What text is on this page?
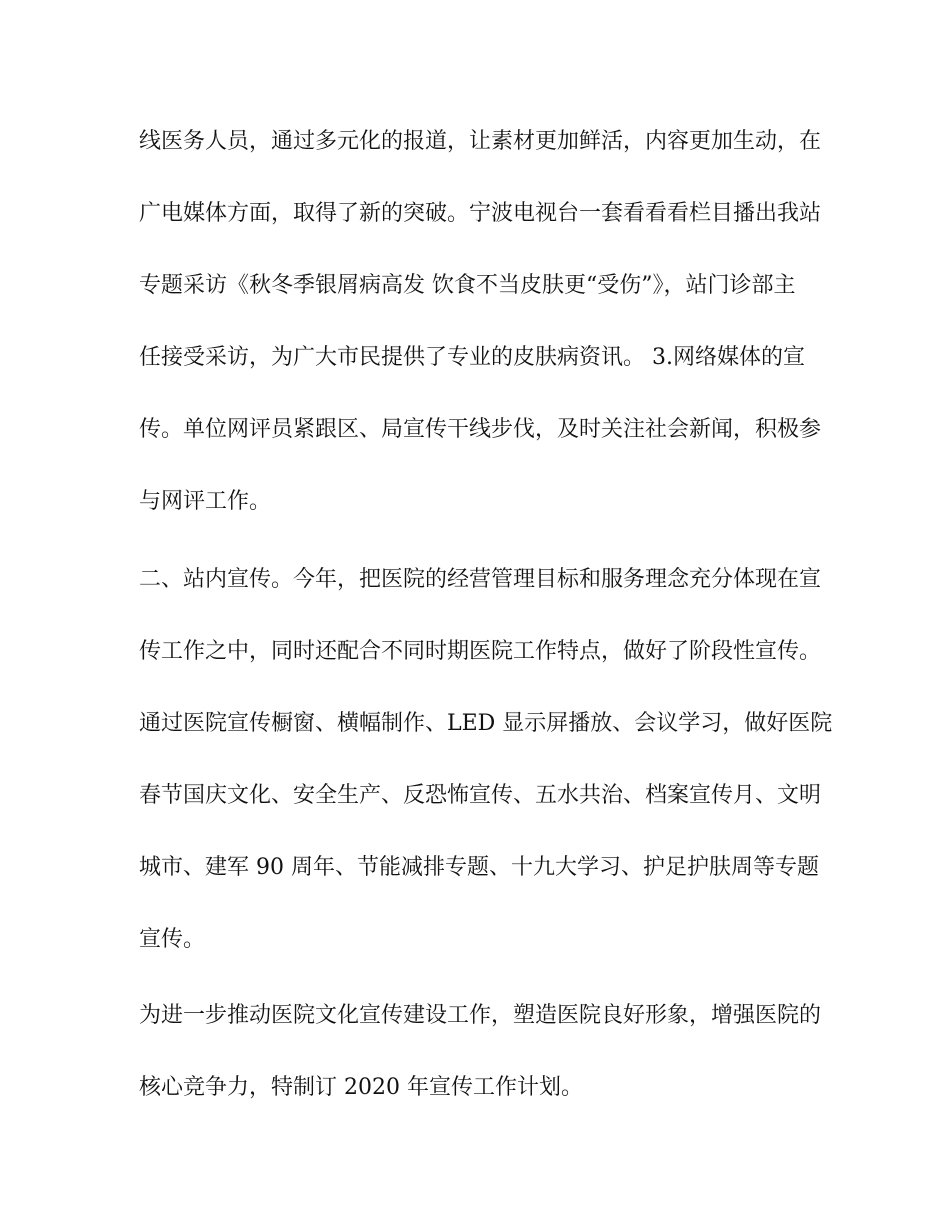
线医务人员，通过多元化的报道，让素材更加鲜活，内容更加生动，在
广电媒体方面，取得了新的突破。宁波电视台一套看看看栏目播出我站
专题采访《秋冬季银屑病高发 饮食不当皮肤更“受伤”》，站门诊部主
任接受采访，为广大市民提供了专业的皮肤病资讯。 3.网络媒体的宣
传。单位网评员紧跟区、局宣传干线步伐，及时关注社会新闻，积极参
与网评工作。
二、站内宣传。今年，把医院的经营管理目标和服务理念充分体现在宣
传工作之中，同时还配合不同时期医院工作特点，做好了阶段性宣传。
通过医院宣传橱窗、横幅制作、LED 显示屏播放、会议学习，做好医院
春节国庆文化、安全生产、反恐怖宣传、五水共治、档案宣传月、文明
城市、建军 90 周年、节能减排专题、十九大学习、护足护肤周等专题
宣传。
为进一步推动医院文化宣传建设工作，塑造医院良好形象，增强医院的
核心竞争力，特制订 2020 年宣传工作计划。
